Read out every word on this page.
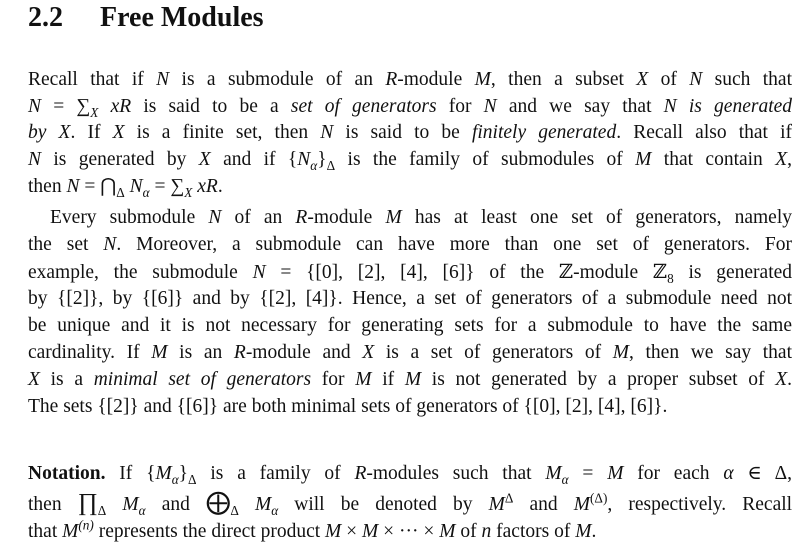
2.2 Free Modules
Recall that if N is a submodule of an R-module M, then a subset X of N such that
$N = \sum_X$ xR is said to be a set of generators for N and we say that N is generated
by X. If X is a finite set, then N is said to be finitely generated. Recall also that if
N is generated by X and if $\{N_\alpha\}_\Delta$ is the family of submodules of M that contain X,
then $N = ⋂_\Delta$ $N_\alpha = \sum_X$ xR.
Every submodule N of an R-module M has at least one set of generators, namely
the set N. Moreover, a submodule can have more than one set of generators. For
example, the submodule N = {[0], [2], [4], [6]} of the ℤ-module ℤ$_8$ is generated
by {[2]}, by {[6]} and by {[2], [4]}. Hence, a set of generators of a submodule need not
be unique and it is not necessary for generating sets for a submodule to have the same
cardinality. If M is an R-module and X is a set of generators of M, then we say that
X is a minimal set of generators for M if M is not generated by a proper subset of X.
The sets {[2]} and {[6]} are both minimal sets of generators of {[0], [2], [4], [6]}.
Notation. If $\{M_\alpha\}_\Delta$ is a family of R-modules such that $M_\alpha = M$ for each α ∈ Δ,
then $\prod_\Delta$ $M_\alpha$ and $⨁_\Delta$ $M_\alpha$ will be denoted by $M^\Delta$ and $M^{(\Delta)}$, respectively. Recall
that $M^{(n)}$ represents the direct product M × M × ··· × M of n factors of M.
